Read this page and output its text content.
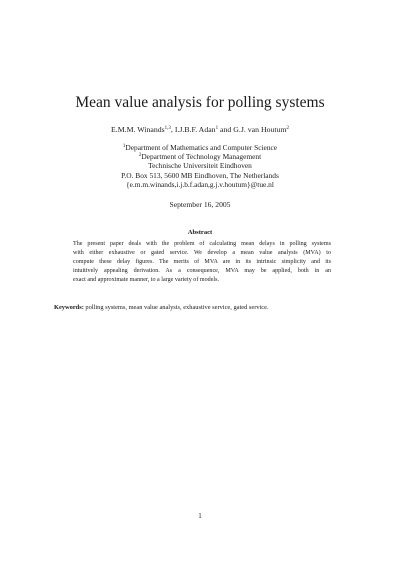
Mean value analysis for polling systems
E.M.M. Winands$^{1,3}$, I.J.B.F. Adan$^1$ and G.J. van Houtum$^2$
$^1$Department of Mathematics and Computer Science
$^2$Department of Technology Management
Technische Universiteit Eindhoven
P.O. Box 513, 5600 MB Eindhoven, The Netherlands
{e.m.m.winands,i.j.b.f.adan,g.j.v.houtum}@tue.nl
September 16, 2005
Abstract
The present paper deals with the problem of calculating mean delays in polling systems
with either exhaustive or gated service. We develop a mean value analysis (MVA) to
compute these delay figures. The merits of MVA are in its intrinsic simplicity and its
intuitively appealing derivation. As a consequence, MVA may be applied, both in an
exact and approximate manner, to a large variety of models.
Keywords: polling systems, mean value analysis, exhaustive service, gated service.
1
